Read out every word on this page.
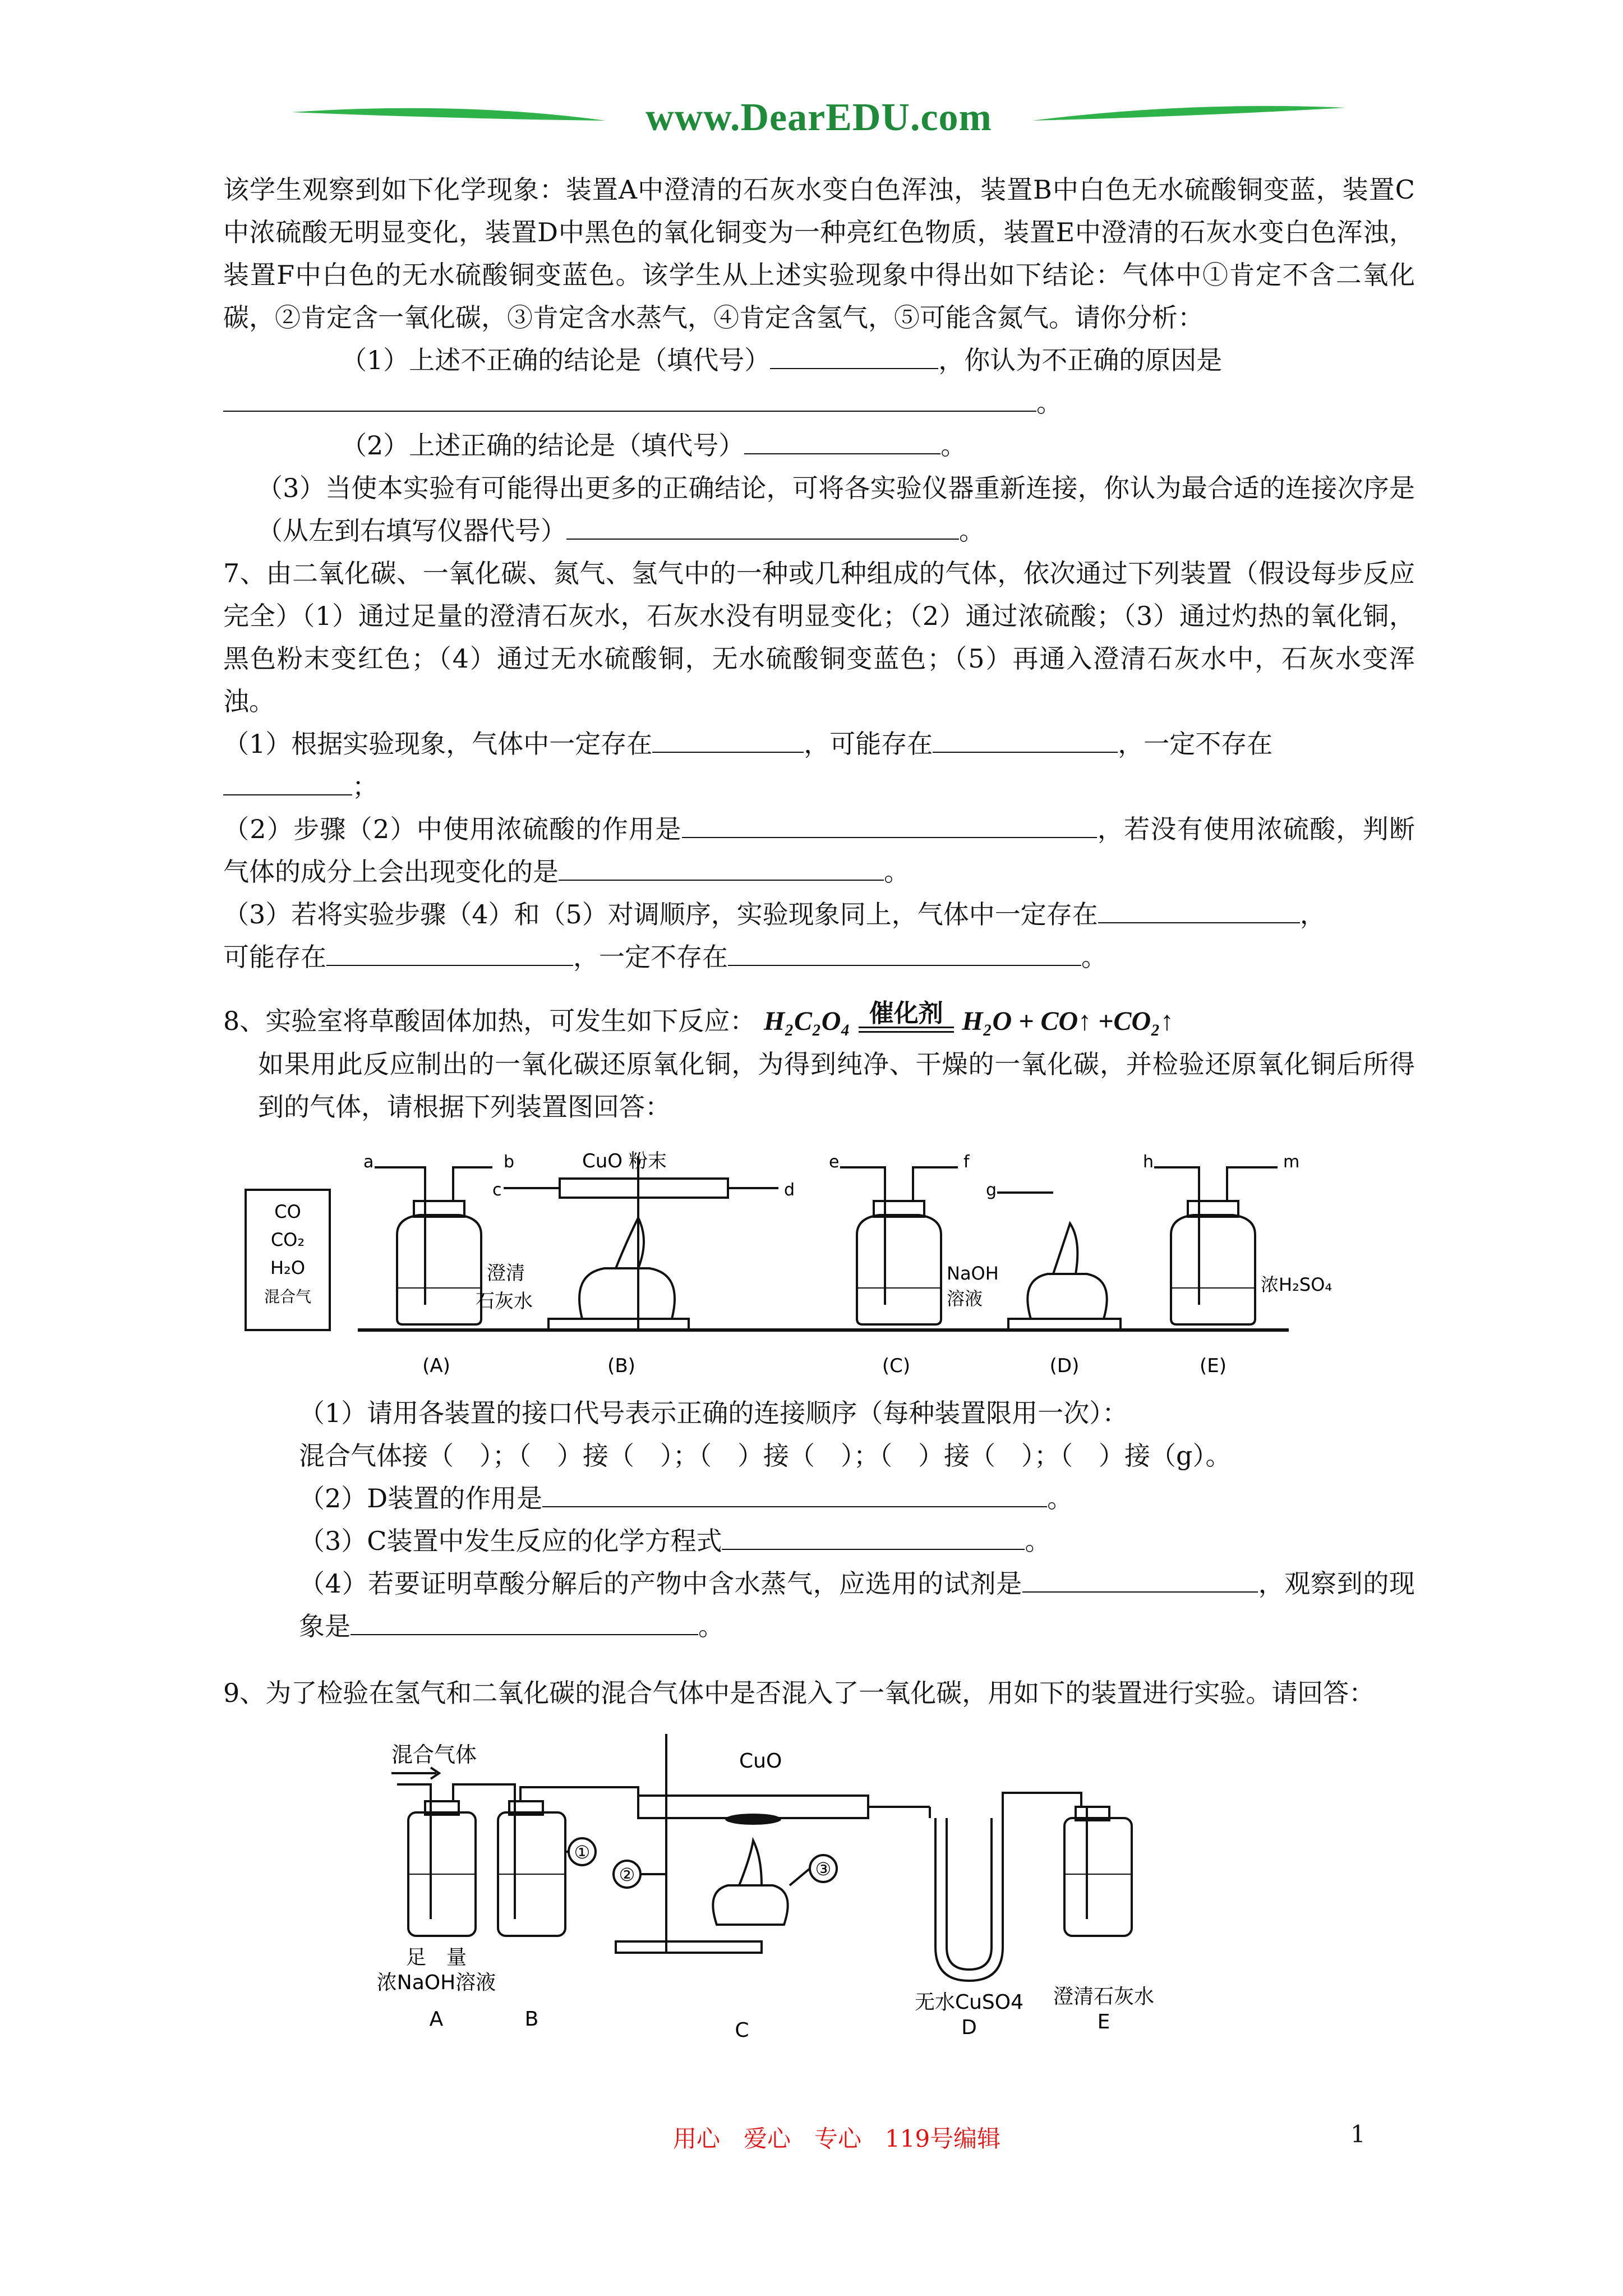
www.DearEDU.com

该学生观察到如下化学现象：装置A中澄清的石灰水变白色浑浊，装置B中白色无水硫酸铜变蓝，装置C中浓硫酸无明显变化，装置D中黑色的氧化铜变为一种亮红色物质，装置E中澄清的石灰水变白色浑浊，装置F中白色的无水硫酸铜变蓝色。该学生从上述实验现象中得出如下结论：气体中①肯定不含二氧化碳，②肯定含一氧化碳，③肯定含水蒸气，④肯定含氢气，⑤可能含氮气。请你分析：

（1）上述不正确的结论是（填代号）	，你认为不正确的原因是

。

（2）上述正确的结论是（填代号）	。

（3）当使本实验有可能得出更多的正确结论，可将各实验仪器重新连接，你认为最合适的连接次序是（从左到右填写仪器代号）	。

7、由二氧化碳、一氧化碳、氮气、氢气中的一种或几种组成的气体，依次通过下列装置（假设每步反应完全）（1）通过足量的澄清石灰水，石灰水没有明显变化；（2）通过浓硫酸；（3）通过灼热的氧化铜，黑色粉末变红色；（4）通过无水硫酸铜，无水硫酸铜变蓝色；（5）再通入澄清石灰水中，石灰水变浑浊。

（1）根据实验现象，气体中一定存在	，可能存在	，一定不存在
；

（2）步骤（2）中使用浓硫酸的作用是	，若没有使用浓硫酸，判断气体的成分上会出现变化的是	。

（3）若将实验步骤（4）和（5）对调顺序，实验现象同上，气体中一定存在	，
可能存在	，一定不存在	。

8、实验室将草酸固体加热，可发生如下反应： H₂C₂O₄ 催化剂 H₂O + CO↑ +CO₂↑

如果用此反应制出的一氧化碳还原氧化铜，为得到纯净、干燥的一氧化碳，并检验还原氧化铜后所得到的气体，请根据下列装置图回答：

CO
CO₂
H₂O
混合气
a	b
c	d
e	f
g
h	m
CuO 粉末
澄清
石灰水
NaOH
溶液
浓H₂SO₄
(A)	(B)	(C)	(D)	(E)

（1）请用各装置的接口代号表示正确的连接顺序（每种装置限用一次）：

混合气体接（　）；（　）接（　）；（　）接（　）；（　）接（　）；（　）接（g）。

（2）D装置的作用是	。

（3）C装置中发生反应的化学方程式	。

（4）若要证明草酸分解后的产物中含水蒸气，应选用的试剂是	，观察到的现象是	。

9、为了检验在氢气和二氧化碳的混合气体中是否混入了一氧化碳，用如下的装置进行实验。请回答：

混合气体	CuO
①
②	③
足　量
浓NaOH溶液
无水CuSO4 澄清石灰水
A	B	C	D	E
用心　爱心　专心　119号编辑	1
